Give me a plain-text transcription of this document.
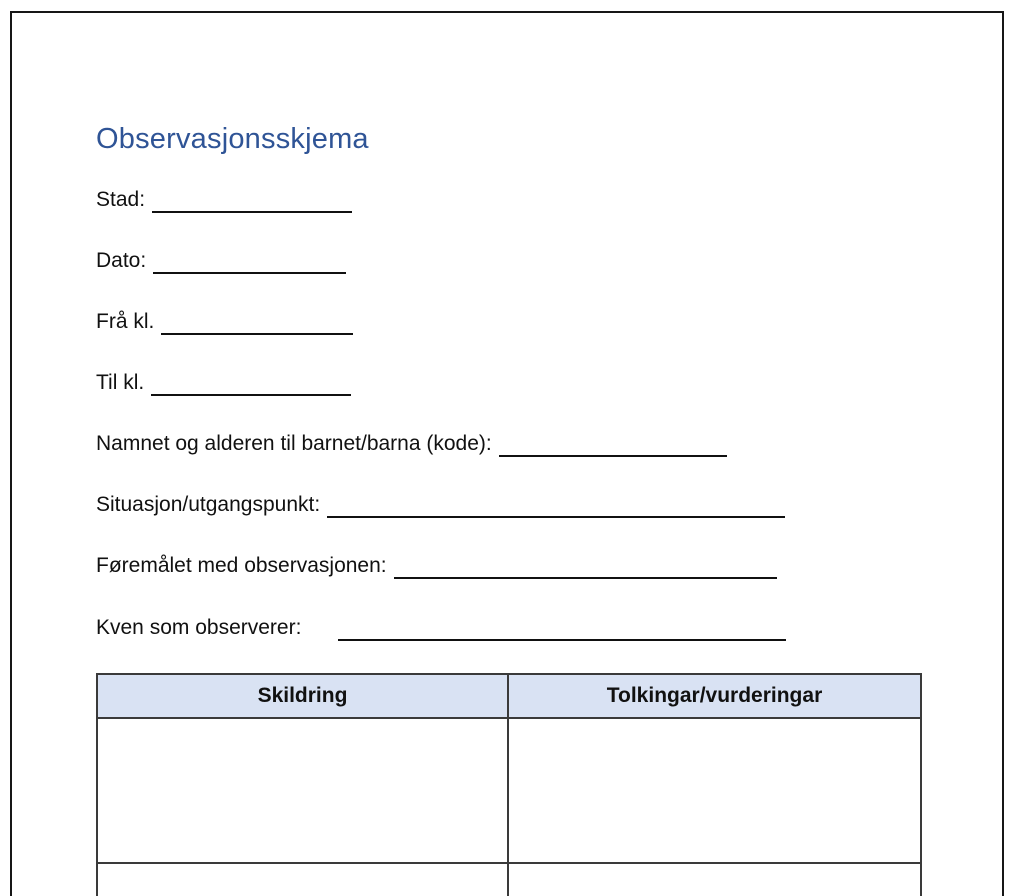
Observasjonsskjema
Stad:
Dato:
Frå kl.
Til kl.
Namnet og alderen til barnet/barna (kode):
Situasjon/utgangspunkt:
Føremålet med observasjonen:
Kven som observerer:
Skildring	Tolkingar/vurderingar
